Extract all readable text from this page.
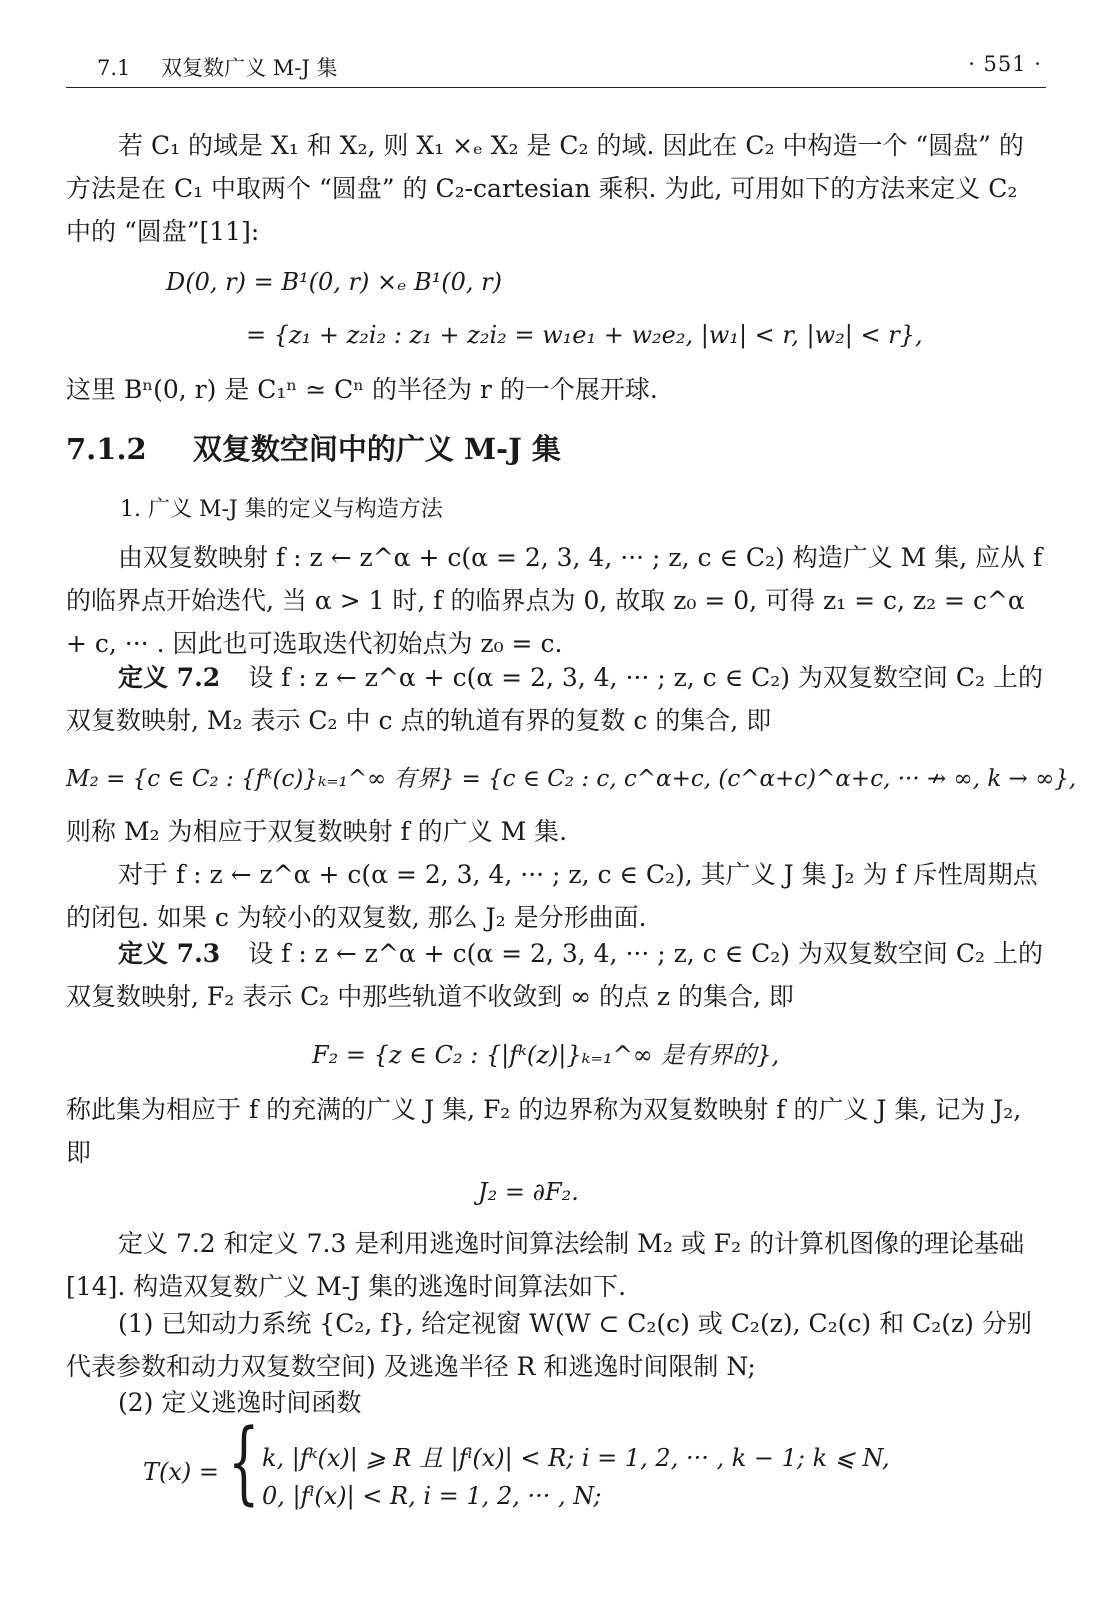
7.1 双复数广义 M-J 集	· 551 ·

若 C₁ 的域是 X₁ 和 X₂, 则 X₁ ×ₑ X₂ 是 C₂ 的域. 因此在 C₂ 中构造一个 “圆盘” 的方法是在 C₁ 中取两个 “圆盘” 的 C₂-cartesian 乘积. 为此, 可用如下的方法来定义 C₂ 中的 “圆盘”[11]:

D(0, r) = B¹(0, r) ×ₑ B¹(0, r)
= {z₁ + z₂i₂ : z₁ + z₂i₂ = w₁e₁ + w₂e₂, |w₁| < r, |w₂| < r},

这里 Bⁿ(0, r) 是 C₁ⁿ ≃ Cⁿ 的半径为 r 的一个展开球.

7.1.2 双复数空间中的广义 M-J 集
1. 广义 M-J 集的定义与构造方法

由双复数映射 f : z ← z^α + c(α = 2, 3, 4, ··· ; z, c ∈ C₂) 构造广义 M 集, 应从 f 的临界点开始迭代, 当 α > 1 时, f 的临界点为 0, 故取 z₀ = 0, 可得 z₁ = c, z₂ = c^α + c, ··· . 因此也可选取迭代初始点为 z₀ = c.

定义 7.2 设 f : z ← z^α + c(α = 2, 3, 4, ··· ; z, c ∈ C₂) 为双复数空间 C₂ 上的双复数映射, M₂ 表示 C₂ 中 c 点的轨道有界的复数 c 的集合, 即

M₂ = {c ∈ C₂ : {fᵏ(c)}ₖ₌₁^∞ 有界} = {c ∈ C₂ : c, c^α+c, (c^α+c)^α+c, ··· ↛ ∞, k → ∞},

则称 M₂ 为相应于双复数映射 f 的广义 M 集.

对于 f : z ← z^α + c(α = 2, 3, 4, ··· ; z, c ∈ C₂), 其广义 J 集 J₂ 为 f 斥性周期点的闭包. 如果 c 为较小的双复数, 那么 J₂ 是分形曲面.

定义 7.3 设 f : z ← z^α + c(α = 2, 3, 4, ··· ; z, c ∈ C₂) 为双复数空间 C₂ 上的双复数映射, F₂ 表示 C₂ 中那些轨道不收敛到 ∞ 的点 z 的集合, 即

F₂ = {z ∈ C₂ : {|fᵏ(z)|}ₖ₌₁^∞ 是有界的},

称此集为相应于 f 的充满的广义 J 集, F₂ 的边界称为双复数映射 f 的广义 J 集, 记为 J₂, 即

J₂ = ∂F₂.

定义 7.2 和定义 7.3 是利用逃逸时间算法绘制 M₂ 或 F₂ 的计算机图像的理论基础[14]. 构造双复数广义 M-J 集的逃逸时间算法如下.

(1) 已知动力系统 {C₂, f}, 给定视窗 W(W ⊂ C₂(c) 或 C₂(z), C₂(c) 和 C₂(z) 分别代表参数和动力双复数空间) 及逃逸半径 R 和逃逸时间限制 N;

(2) 定义逃逸时间函数

T(x) = { k, |fᵏ(x)| ⩾ R 且 |fⁱ(x)| < R; i = 1, 2, ··· , k − 1; k ⩽ N,
0, |fⁱ(x)| < R, i = 1, 2, ··· , N;
